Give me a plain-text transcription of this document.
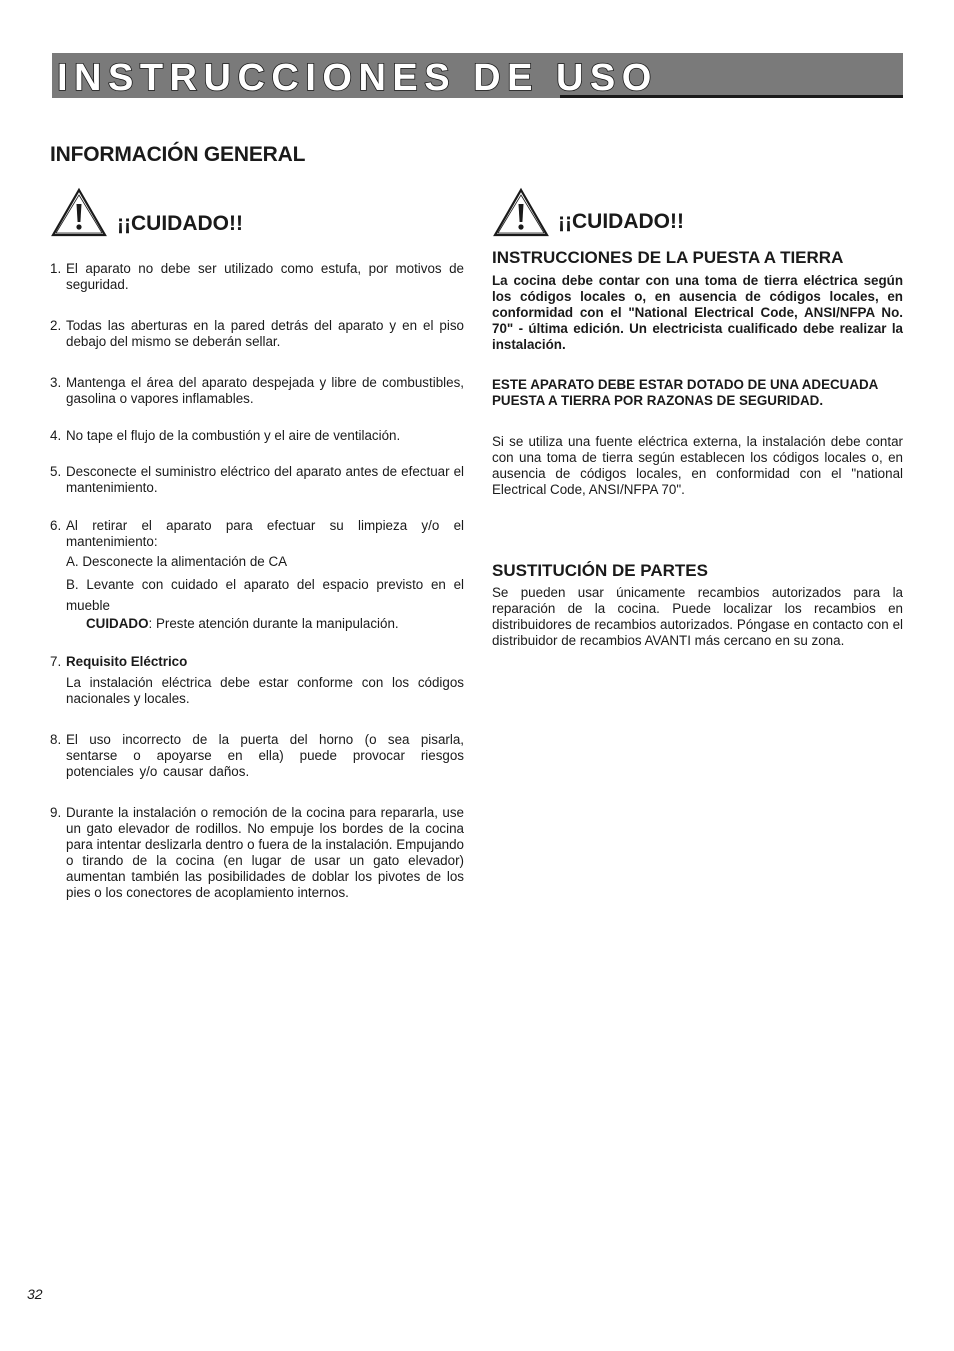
INSTRUCCIONES DE USO
INFORMACIÓN GENERAL
¡¡CUIDADO!!
1. El aparato no debe ser utilizado como estufa, por motivos de seguridad.
2. Todas las aberturas en la pared detrás del aparato y en el piso debajo del mismo se deberán sellar.
3. Mantenga el área del aparato despejada y libre de combustibles, gasolina o vapores inflamables.
4. No tape el flujo de la combustión y el aire de ventilación.
5. Desconecte el suministro eléctrico del aparato antes de efectuar el mantenimiento.
6. Al retirar el aparato para efectuar su limpieza y/o el mantenimiento:
A. Desconecte la alimentación de CA
B. Levante con cuidado el aparato del espacio previsto en el mueble
CUIDADO: Preste atención durante la manipulación.
7. Requisito Eléctrico
La instalación eléctrica debe estar conforme con los códigos nacionales y locales.
8. El uso incorrecto de la puerta del horno (o sea pisarla, sentarse o apoyarse en ella) puede provocar riesgos potenciales y/o causar daños.
9. Durante la instalación o remoción de la cocina para repararla, use un gato elevador de rodillos. No empuje los bordes de la cocina para intentar deslizarla dentro o fuera de la instalación. Empujando o tirando de la cocina (en lugar de usar un gato elevador) aumentan también las posibilidades de doblar los pivotes de los pies o los conectores de acoplamiento internos.
¡¡CUIDADO!!
INSTRUCCIONES DE LA PUESTA A TIERRA
La cocina debe contar con una toma de tierra eléctrica según los códigos locales o, en ausencia de códigos locales, en conformidad con el "National Electrical Code, ANSI/NFPA No. 70" - última edición. Un electricista cualificado debe realizar la instalación.
ESTE APARATO DEBE ESTAR DOTADO DE UNA ADECUADA PUESTA A TIERRA POR RAZONAS DE SEGURIDAD.
Si se utiliza una fuente eléctrica externa, la instalación debe contar con una toma de tierra según establecen los códigos locales o, en ausencia de códigos locales, en conformidad con el "national Electrical Code, ANSI/NFPA 70".
SUSTITUCIÓN DE PARTES
Se pueden usar únicamente recambios autorizados para la reparación de la cocina. Puede localizar los recambios en distribuidores de recambios autorizados. Póngase en contacto con el distribuidor de recambios AVANTI más cercano en su zona.
32
